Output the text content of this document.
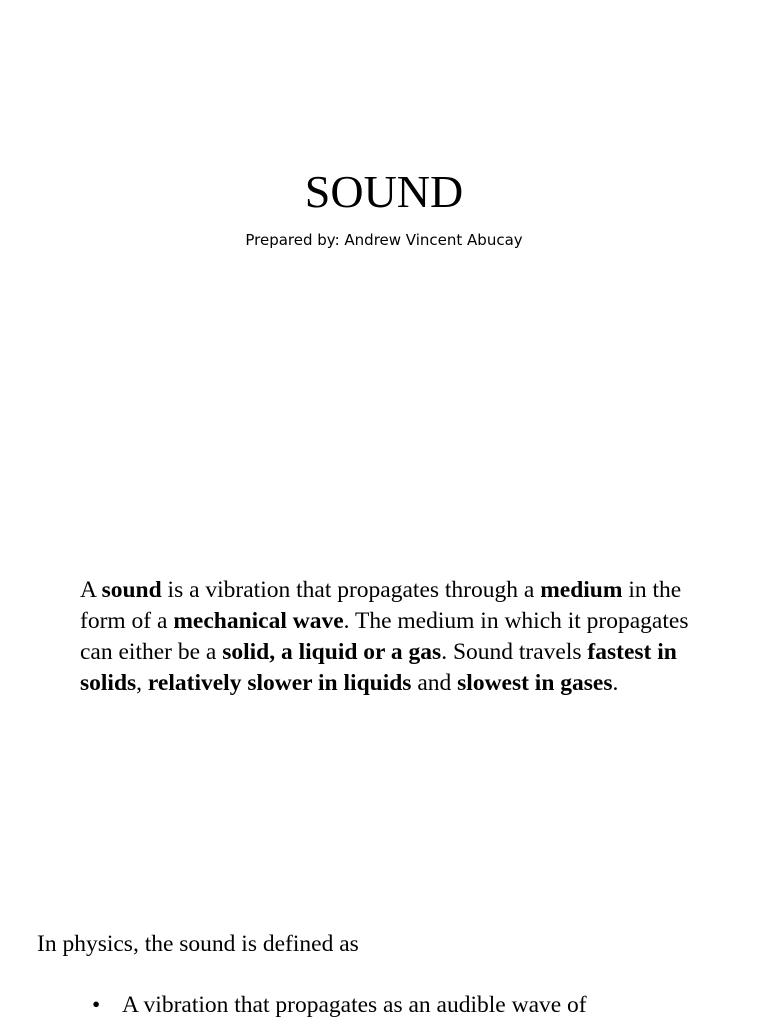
SOUND

Prepared by: Andrew Vincent Abucay

A sound is a vibration that propagates through a medium in the form of a mechanical wave. The medium in which it propagates can either be a solid, a liquid or a gas. Sound travels fastest in solids, relatively slower in liquids and slowest in gases.

In physics, the sound is defined as

• A vibration that propagates as an audible wave of
